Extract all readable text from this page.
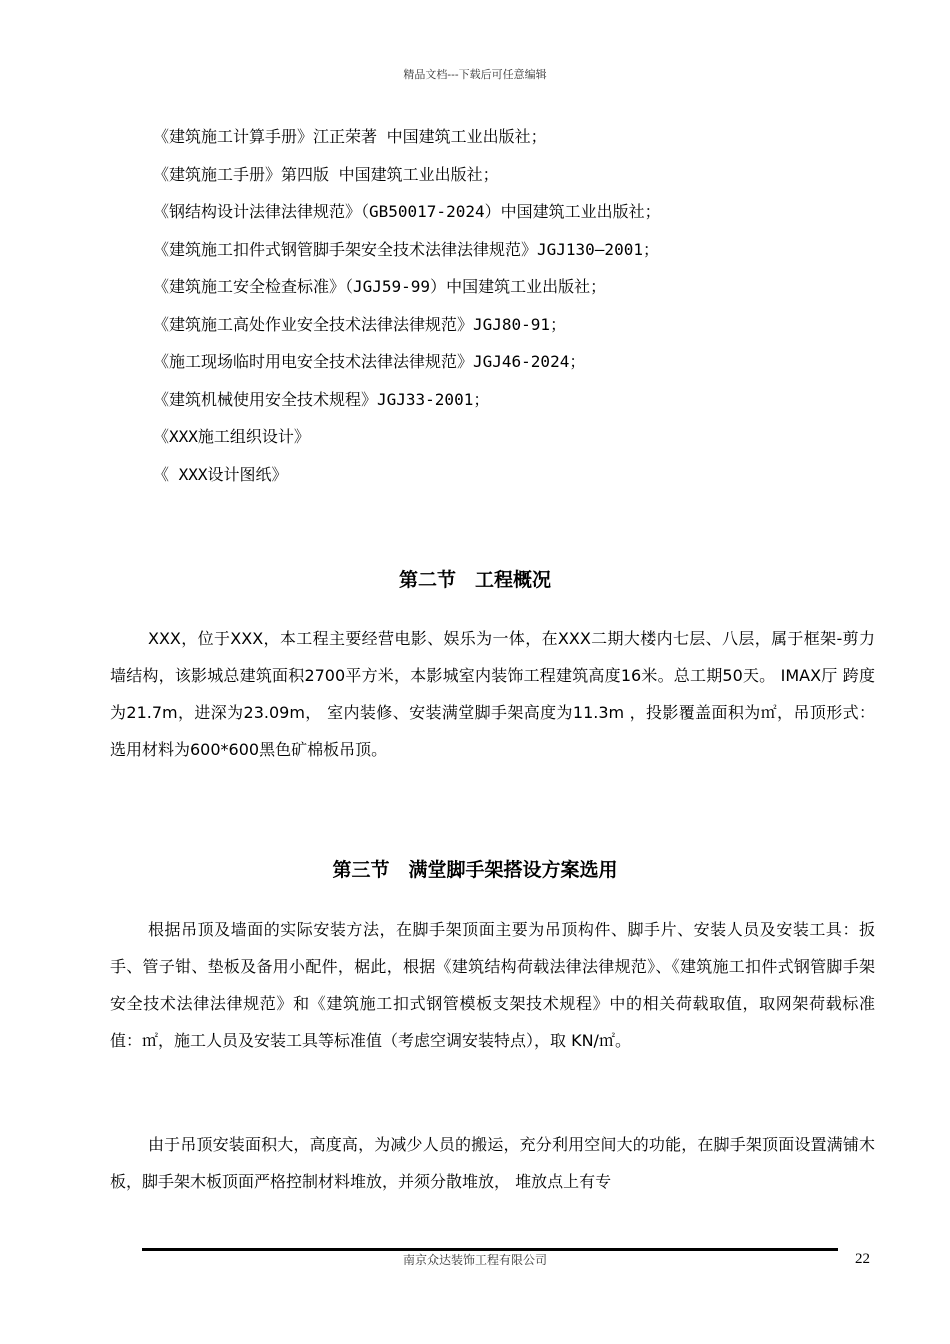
精品文档---下载后可任意编辑
《建筑施工计算手册》江正荣著 中国建筑工业出版社；
《建筑施工手册》第四版 中国建筑工业出版社；
《钢结构设计法律法律规范》（GB50017-2024）中国建筑工业出版社；
《建筑施工扣件式钢管脚手架安全技术法律法律规范》JGJ130—2001；
《建筑施工安全检查标准》（JGJ59-99）中国建筑工业出版社；
《建筑施工高处作业安全技术法律法律规范》JGJ80-91；
《施工现场临时用电安全技术法律法律规范》JGJ46-2024；
《建筑机械使用安全技术规程》JGJ33-2001；
《XXX施工组织设计》
《 XXX设计图纸》
第二节　工程概况

XXX，位于XXX，本工程主要经营电影、娱乐为一体，在XXX二期大楼内七层、八层，属于框架-剪力墙结构，该影城总建筑面积2700平方米，本影城室内装饰工程建筑高度16米。总工期50天。 IMAX厅 跨度为21.7m，进深为23.09m， 室内装修、安装满堂脚手架高度为11.3m ，投影覆盖面积为㎡，吊顶形式：选用材料为600*600黑色矿棉板吊顶。

第三节　满堂脚手架搭设方案选用

根据吊顶及墙面的实际安装方法，在脚手架顶面主要为吊顶构件、脚手片、安装人员及安装工具：扳手、管子钳、垫板及备用小配件，椐此，根据《建筑结构荷载法律法律规范》、《建筑施工扣件式钢管脚手架安全技术法律法律规范》和《建筑施工扣式钢管模板支架技术规程》中的相关荷载取值，取网架荷载标准值：㎡，施工人员及安装工具等标准值（考虑空调安装特点），取 KN/㎡。

由于吊顶安装面积大，高度高，为减少人员的搬运，充分利用空间大的功能，在脚手架顶面设置满铺木板，脚手架木板顶面严格控制材料堆放，并须分散堆放， 堆放点上有专

南京众达装饰工程有限公司	22
